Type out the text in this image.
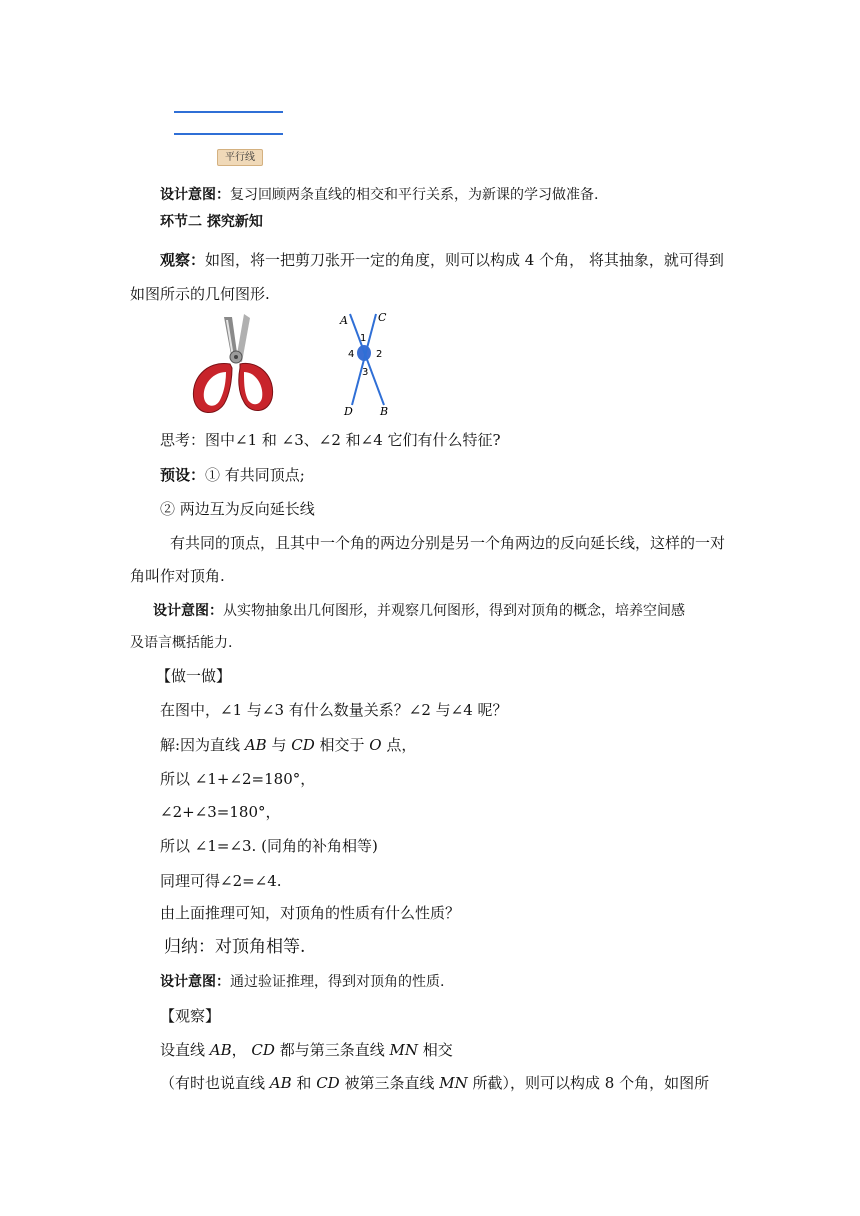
平行线
设计意图：复习回顾两条直线的相交和平行关系，为新课的学习做准备.
环节二 探究新知
观察：如图，将一把剪刀张开一定的角度，则可以构成 4 个角， 将其抽象，就可得到
如图所示的几何图形.
A	C
D B
1
2
3
4
思考：图中∠1 和 ∠3、∠2 和∠4 它们有什么特征?
预设：① 有共同顶点;
② 两边互为反向延长线
有共同的顶点，且其中一个角的两边分别是另一个角两边的反向延长线，这样的一对
角叫作对顶角.
设计意图：从实物抽象出几何图形，并观察几何图形，得到对顶角的概念，培养空间感
及语言概括能力.
【做一做】
在图中，∠1 与∠3 有什么数量关系？∠2 与∠4 呢？
解:因为直线 AB 与 CD 相交于 O 点，
所以 ∠1+∠2=180°，
∠2+∠3=180°，
所以 ∠1=∠3. (同角的补角相等)
同理可得∠2=∠4.
由上面推理可知，对顶角的性质有什么性质？
归纳：对顶角相等.
设计意图：通过验证推理，得到对顶角的性质.
【观察】
设直线 AB， CD 都与第三条直线 MN 相交
（有时也说直线 AB 和 CD 被第三条直线 MN 所截），则可以构成 8 个角，如图所
